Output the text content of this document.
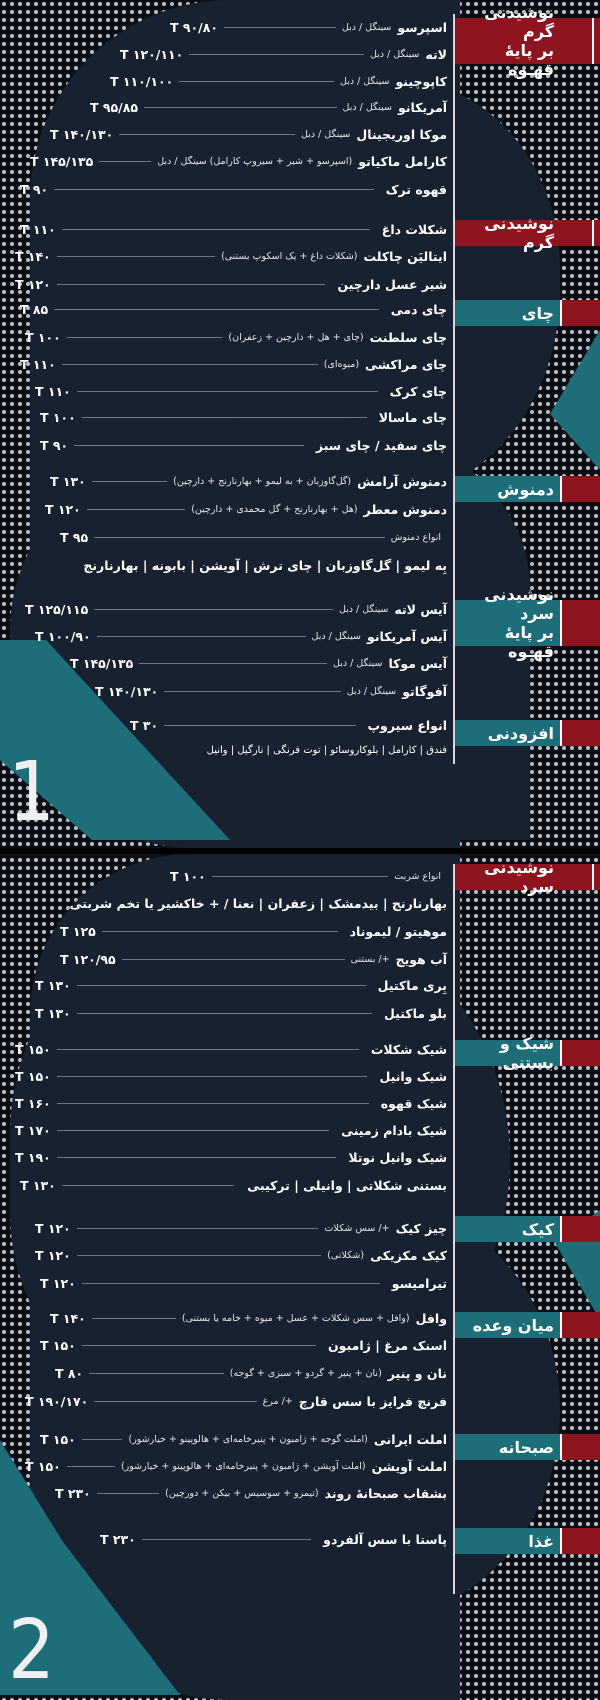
1
2
نوشیدنی گرم
بر پایهٔ قهـوه
نوشیدنی گرم
چای
دمنوش
نوشیدنی سرد
بر پایهٔ قهـوه
افزودنی
نوشیدنی سرد
شیک و بستنی
کیک
میان وعده
صبحانه
غذا
اسپرسو
سینگل / دبل
T ۹۰/۸۰
لاته
سینگل / دبل
T ۱۲۰/۱۱۰
کاپوچینو
سینگل / دبل
T ۱۱۰/۱۰۰
آمریکانو
سینگل / دبل
T ۹۵/۸۵
موکا اوریجینال
سینگل / دبل
T ۱۴۰/۱۳۰
کارامل ماکیاتو
(اسپرسو + شیر + سیروپ کارامل) سینگل / دبل
T ۱۴۵/۱۳۵
قهوه ترک
T ۹۰
شکلات داغ
T ۱۱۰
ایتالیَن چاکلت
(شکلات داغ + یک اسکوپ بستنی)
T ۱۴۰
شیر عسل دارچین
T ۱۲۰
چای دمی
T ۸۵
چای سلطنت
(چای + هل + دارچین + زعفران)
T ۱۰۰
چای مراکشی
(میوه‌ای)
T ۱۱۰
چای کرک
T ۱۱۰
چای ماسالا
T ۱۰۰
چای سفید / چای سبز
T ۹۰
دمنوش آرامش
(گل‌گاوزبان + به لیمو + بهارنارنج + دارچین)
T ۱۳۰
دمنوش معطر
(هل + بهارنارنج + گل محمدی + دارچین)
T ۱۲۰
انواع دمنوش
T ۹۵
آیس لاته
سینگل / دبل
T ۱۲۵/۱۱۵
آیس آمریکانو
سینگل / دبل
T ۱۰۰/۹۰
آیس موکا
سینگل / دبل
T ۱۴۵/۱۳۵
آفوگاتو
سینگل / دبل
T ۱۴۰/۱۳۰
انواع سیروپ
T ۳۰
انواع شربت
T ۱۰۰
موهیتو / لیموناد
T ۱۲۵
آب هویج
+/ بستنی
T ۱۲۰/۹۵
بِری ماکتیل
T ۱۳۰
بلو ماکتیل
T ۱۳۰
شیک شکلات
T ۱۵۰
شیک وانیل
T ۱۵۰
شیک قهوه
T ۱۶۰
شیک بادام زمینی
T ۱۷۰
شیک وانیل نوتلا
T ۱۹۰
چیز کیک
+/ سس شکلات
T ۱۲۰
کیک مکزیکی
(شکلاتی)
T ۱۲۰
تیرامیسو
T ۱۲۰
وافل
(وافل + سس شکلات + عسل + میوه + خامه یا بستنی)
T ۱۴۰
اسنک مرغ | ژامبون
T ۱۵۰
نان و پنیر
(نان + پنیر + گردو + سبزی + گوجه)
T ۸۰
فرنچ فرایز با سس قارچ
+/ مرغ
T ۱۹۰/۱۷۰
املت ایرانی
(املت گوجه + ژامبون + پنیرخامه‌ای + هالوپینو + خیارشور)
T ۱۵۰
املت آویشن
(املت آویشن + ژامبون + پنیرخامه‌ای + هالوپینو + خیارشور)
T ۱۵۰
بشقاب صبحانهٔ روند
(تیمرو + سوسیس + بیکن + دورچین)
T ۲۳۰
پاستا با سس آلفردو
T ۲۳۰
T ۱۳۰
بِه لیمو | گل‌گاوزبان | چای ترش | آویشن | بابونه | بهارنارنج
فندق | کارامل | بلوکاروسائو | توت فرنگی | نارگیل | وانیل
بهارنارنج | بیدمشک | زعفران | نعنا / + خاکشیر یا تخم شربتی
بستنی شکلاتی | وانیلی | ترکیبی
